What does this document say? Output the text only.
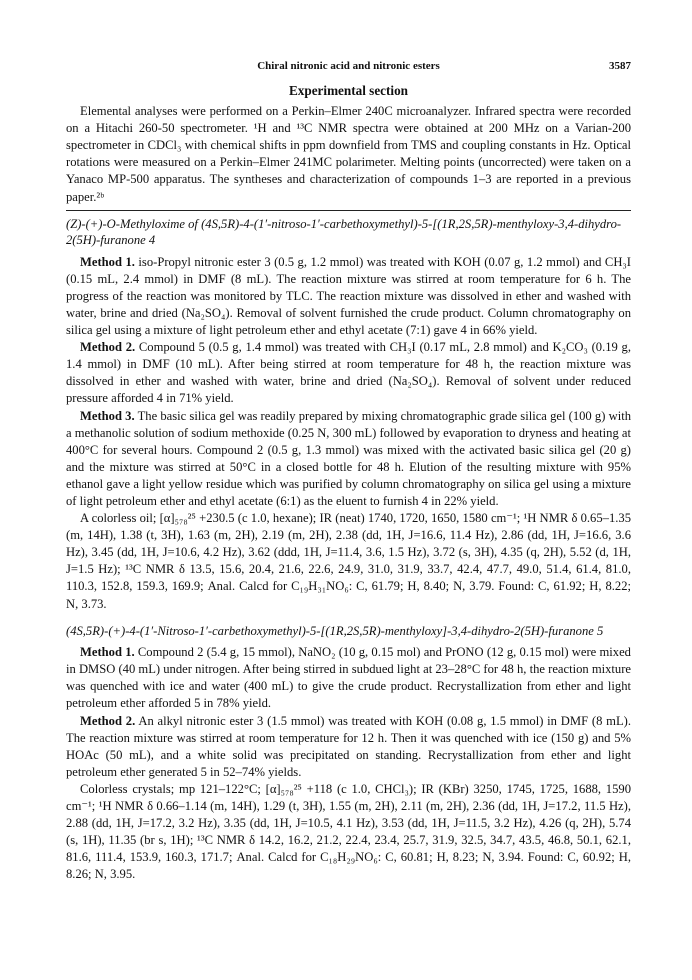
Chiral nitronic acid and nitronic esters	3587
Experimental section

Elemental analyses were performed on a Perkin–Elmer 240C microanalyzer. Infrared spectra were recorded on a Hitachi 260-50 spectrometer. ¹H and ¹³C NMR spectra were obtained at 200 MHz on a Varian-200 spectrometer in CDCl₃ with chemical shifts in ppm downfield from TMS and coupling constants in Hz. Optical rotations were measured on a Perkin–Elmer 241MC polarimeter. Melting points (uncorrected) were taken on a Yanaco MP-500 apparatus. The syntheses and characterization of compounds 1–3 are reported in a previous paper.²ᵇ

(Z)-(+)-O-Methyloxime of (4S,5R)-4-(1′-nitroso-1′-carbethoxymethyl)-5-[(1R,2S,5R)-menthyloxy-3,4-dihydro-2(5H)-furanone 4

Method 1. iso-Propyl nitronic ester 3 (0.5 g, 1.2 mmol) was treated with KOH (0.07 g, 1.2 mmol) and CH₃I (0.15 mL, 2.4 mmol) in DMF (8 mL). The reaction mixture was stirred at room temperature for 6 h. The progress of the reaction was monitored by TLC. The reaction mixture was dissolved in ether and washed with water, brine and dried (Na₂SO₄). Removal of solvent furnished the crude product. Column chromatography on silica gel using a mixture of light petroleum ether and ethyl acetate (7:1) gave 4 in 66% yield.

Method 2. Compound 5 (0.5 g, 1.4 mmol) was treated with CH₃I (0.17 mL, 2.8 mmol) and K₂CO₃ (0.19 g, 1.4 mmol) in DMF (10 mL). After being stirred at room temperature for 48 h, the reaction mixture was dissolved in ether and washed with water, brine and dried (Na₂SO₄). Removal of solvent under reduced pressure afforded 4 in 71% yield.

Method 3. The basic silica gel was readily prepared by mixing chromatographic grade silica gel (100 g) with a methanolic solution of sodium methoxide (0.25 N, 300 mL) followed by evaporation to dryness and heating at 400°C for several hours. Compound 2 (0.5 g, 1.3 mmol) was mixed with the activated basic silica gel (20 g) and the mixture was stirred at 50°C in a closed bottle for 48 h. Elution of the resulting mixture with 95% ethanol gave a light yellow residue which was purified by column chromatography on silica gel using a mixture of light petroleum ether and ethyl acetate (6:1) as the eluent to furnish 4 in 22% yield.

A colorless oil; [α]₅₇₈²⁵ +230.5 (c 1.0, hexane); IR (neat) 1740, 1720, 1650, 1580 cm⁻¹; ¹H NMR δ 0.65–1.35 (m, 14H), 1.38 (t, 3H), 1.63 (m, 2H), 2.19 (m, 2H), 2.38 (dd, 1H, J=16.6, 11.4 Hz), 2.86 (dd, 1H, J=16.6, 3.6 Hz), 3.45 (dd, 1H, J=10.6, 4.2 Hz), 3.62 (ddd, 1H, J=11.4, 3.6, 1.5 Hz), 3.72 (s, 3H), 4.35 (q, 2H), 5.52 (d, 1H, J=1.5 Hz); ¹³C NMR δ 13.5, 15.6, 20.4, 21.6, 22.6, 24.9, 31.0, 31.9, 33.7, 42.4, 47.7, 49.0, 51.4, 61.4, 81.0, 110.3, 152.8, 159.3, 169.9; Anal. Calcd for C₁₉H₃₁NO₆: C, 61.79; H, 8.40; N, 3.79. Found: C, 61.92; H, 8.22; N, 3.73.

(4S,5R)-(+)-4-(1′-Nitroso-1′-carbethoxymethyl)-5-[(1R,2S,5R)-menthyloxy]-3,4-dihydro-2(5H)-furanone 5

Method 1. Compound 2 (5.4 g, 15 mmol), NaNO₂ (10 g, 0.15 mol) and PrONO (12 g, 0.15 mol) were mixed in DMSO (40 mL) under nitrogen. After being stirred in subdued light at 23–28°C for 48 h, the reaction mixture was quenched with ice and water (400 mL) to give the crude product. Recrystallization from ether and light petroleum ether afforded 5 in 78% yield.

Method 2. An alkyl nitronic ester 3 (1.5 mmol) was treated with KOH (0.08 g, 1.5 mmol) in DMF (8 mL). The reaction mixture was stirred at room temperature for 12 h. Then it was quenched with ice (150 g) and 5% HOAc (50 mL), and a white solid was precipitated on standing. Recrystallization from ether and light petroleum ether generated 5 in 52–74% yields.

Colorless crystals; mp 121–122°C; [α]₅₇₈²⁵ +118 (c 1.0, CHCl₃); IR (KBr) 3250, 1745, 1725, 1688, 1590 cm⁻¹; ¹H NMR δ 0.66–1.14 (m, 14H), 1.29 (t, 3H), 1.55 (m, 2H), 2.11 (m, 2H), 2.36 (dd, 1H, J=17.2, 11.5 Hz), 2.88 (dd, 1H, J=17.2, 3.2 Hz), 3.35 (dd, 1H, J=10.5, 4.1 Hz), 3.53 (dd, 1H, J=11.5, 3.2 Hz), 4.26 (q, 2H), 5.74 (s, 1H), 11.35 (br s, 1H); ¹³C NMR δ 14.2, 16.2, 21.2, 22.4, 23.4, 25.7, 31.9, 32.5, 34.7, 43.5, 46.8, 50.1, 62.1, 81.6, 111.4, 153.9, 160.3, 171.7; Anal. Calcd for C₁₈H₂₉NO₆: C, 60.81; H, 8.23; N, 3.94. Found: C, 60.92; H, 8.26; N, 3.95.
